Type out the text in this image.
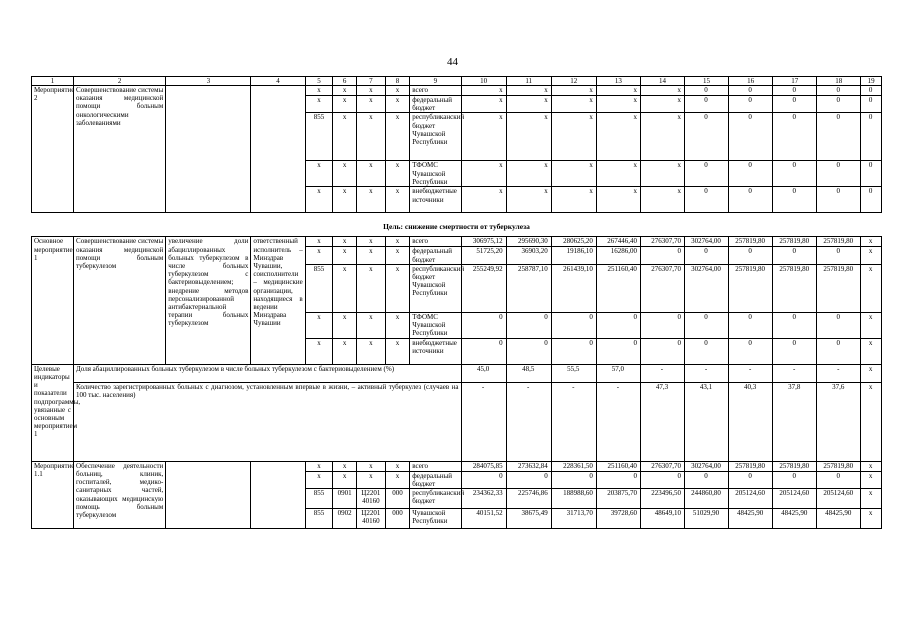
44
1	2	3	4	5	6	7	8	9	10	11	12	13	14	15	16	17	18	19
Мероприятие 2	Совершенствование системы оказания медицинской помощи больным онкологическими заболеваниями			x	x	x	x	всего	x	x	x	x	x	0	0	0	0	0
				x	x	x	x	федеральный бюджет	x	x	x	x	x	0	0	0	0	0
				855	x	x	x	республиканский бюджет Чувашской Республики	x	x	x	x	x	0	0	0	0	0
				x	x	x	x	ТФОМС Чувашской Республики	x	x	x	x	x	0	0	0	0	0
				x	x	x	x	внебюджетные источники	x	x	x	x	x	0	0	0	0	0
Цель: снижение смертности от туберкулеза																		
Основное мероприятие 1	Совершенствование системы оказания медицинской помощи больным туберкулезом	увеличение доли абациллированных больных туберкулезом в числе больных туберкулезом с бактериовыделением; внедрение методов персонализированной антибактериальной терапии больных туберкулезом	ответственный исполнитель – Минздрав Чувашии, соисполнители – медицинские организации, находящиеся в ведении Минздрава Чувашии	x	x	x	x	всего	306975,12	295690,30	280625,20	267446,40	276307,70	302764,00	257819,80	257819,80	257819,80	x
				x	x	x	x	федеральный бюджет	51725,20	36903,20	19186,10	16286,00	0	0	0	0	0	x
				855	x	x	x	республиканский бюджет Чувашской Республики	255249,92	258787,10	261439,10	251160,40	276307,70	302764,00	257819,80	257819,80	257819,80	x
				x	x	x	x	ТФОМС Чувашской Республики	0	0	0	0	0	0	0	0	0	x
				x	x	x	x	внебюджетные источники	0	0	0	0	0	0	0	0	0	x
Целевые индикаторы и показатели подпрограммы, увязанные с основным мероприятием 1	Доля абациллированных больных туберкулезом в числе больных туберкулезом с бактериовыделением (%)								45,0	48,5	55,5	57,0	-	-	-	-	-	x
	Количество зарегистрированных больных с диагнозом, установленным впервые в жизни, – активный туберкулез (случаев на 100 тыс. населения)								-	-	-	-	47,3	43,1	40,3	37,8	37,6	x
Мероприятие 1.1	Обеспечение деятельности больниц, клиник, госпиталей, медико-санитарных частей, оказывающих медицинскую помощь больным туберкулезом			x	x	x	x	всего	284075,85	273632,84	228361,50	251160,40	276307,70	302764,00	257819,80	257819,80	257819,80	x
				x	x	x	x	федеральный бюджет	0	0	0	0	0	0	0	0	0	x
				855	0901	Ц2201 40160	000	республиканский бюджет	234362,33	225746,86	188988,60	203875,70	223496,50	244860,80	205124,60	205124,60	205124,60	x
				855	0902	Ц2201 40160	000	Чувашской Республики	40151,52	38675,49	31713,70	39728,60	48649,10	51029,90	48425,90	48425,90	48425,90	x
